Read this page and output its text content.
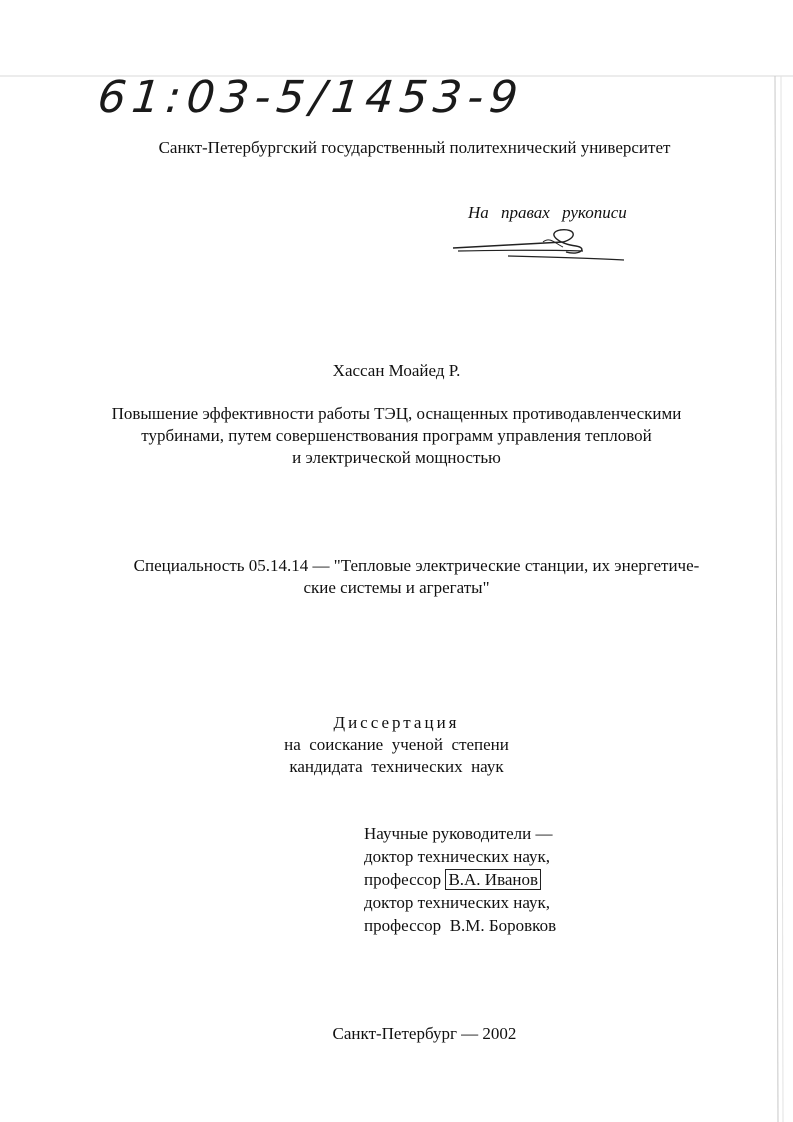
61:03-5/1453-9
Санкт-Петербургский государственный политехнический университет
На правах рукописи
Хассан Моайед Р.
Повышение эффективности работы ТЭЦ, оснащенных противодавленческими
турбинами, путем совершенствования программ управления тепловой
и электрической мощностью
Специальность 05.14.14 — "Тепловые электрические станции, их энергетиче-
ские системы и агрегаты"
Диссертация
на  соискание  ученой  степени
кандидата  технических  наук
Научные руководители —
доктор технических наук,
профессор В.А. Иванов
доктор технических наук,
профессор В.М. Боровков
Санкт-Петербург — 2002
